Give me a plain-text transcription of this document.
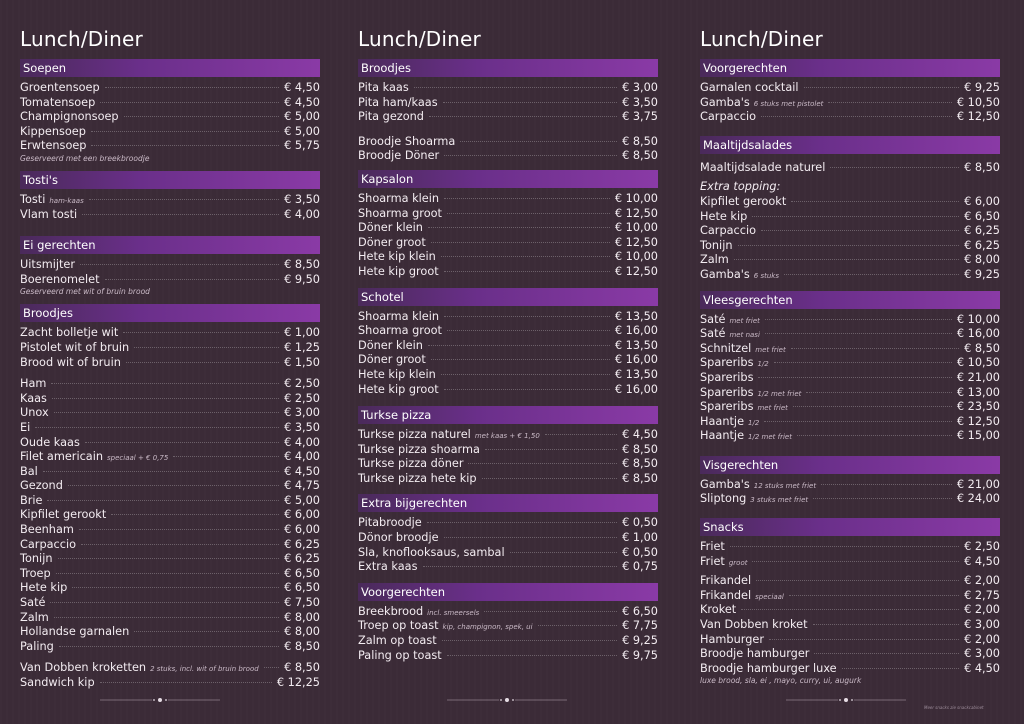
Lunch/Diner
Soepen
Groentensoep	€ 4,50
Tomatensoep	€ 4,50
Champignonsoep	€ 5,00
Kippensoep	€ 5,00
Erwtensoep	€ 5,75
Geserveerd met een breekbroodje
Tosti's
Tosti ham-kaas	€ 3,50
Vlam tosti	€ 4,00
Ei gerechten
Uitsmijter	€ 8,50
Boerenomelet	€ 9,50
Geserveerd met wit of bruin brood
Broodjes
Zacht bolletje wit	€ 1,00
Pistolet wit of bruin	€ 1,25
Brood wit of bruin	€ 1,50
Ham	€ 2,50
Kaas	€ 2,50
Unox	€ 3,00
Ei	€ 3,50
Oude kaas	€ 4,00
Filet americain speciaal + € 0,75	€ 4,00
Bal	€ 4,50
Gezond	€ 4,75
Brie	€ 5,00
Kipfilet gerookt	€ 6,00
Beenham	€ 6,00
Carpaccio	€ 6,25
Tonijn	€ 6,25
Troep	€ 6,50
Hete kip	€ 6,50
Saté	€ 7,50
Zalm	€ 8,00
Hollandse garnalen	€ 8,00
Paling	€ 8,50
Van Dobben kroketten 2 stuks, incl. wit of bruin brood € 8,50
Sandwich kip	€ 12,25
Lunch/Diner
Broodjes
Pita kaas	€ 3,00
Pita ham/kaas	€ 3,50
Pita gezond	€ 3,75
Broodje Shoarma	€ 8,50
Broodje Döner	€ 8,50
Kapsalon
Shoarma klein	€ 10,00
Shoarma groot	€ 12,50
Döner klein	€ 10,00
Döner groot	€ 12,50
Hete kip klein	€ 10,00
Hete kip groot	€ 12,50
Schotel
Shoarma klein	€ 13,50
Shoarma groot	€ 16,00
Döner klein	€ 13,50
Döner groot	€ 16,00
Hete kip klein	€ 13,50
Hete kip groot	€ 16,00
Turkse pizza
Turkse pizza naturel met kaas + € 1,50	€ 4,50
Turkse pizza shoarma	€ 8,50
Turkse pizza döner	€ 8,50
Turkse pizza hete kip	€ 8,50
Extra bijgerechten
Pitabroodje	€ 0,50
Dönor broodje	€ 1,00
Sla, knoflooksaus, sambal	€ 0,50
Extra kaas	€ 0,75
Voorgerechten
Breekbrood incl. smeersels	€ 6,50
Troep op toast kip, champignon, spek, ui	€ 7,75
Zalm op toast	€ 9,25
Paling op toast	€ 9,75
Lunch/Diner
Voorgerechten
Garnalen cocktail	€ 9,25
Gamba's 6 stuks met pistolet	€ 10,50
Carpaccio	€ 12,50
Maaltijdsalades
Maaltijdsalade naturel	€ 8,50
Extra topping:
Kipfilet gerookt	€ 6,00
Hete kip	€ 6,50
Carpaccio	€ 6,25
Tonijn	€ 6,25
Zalm	€ 8,00
Gamba's 6 stuks	€ 9,25
Vleesgerechten
Saté met friet	€ 10,00
Saté met nasi	€ 16,00
Schnitzel met friet	€ 8,50
Spareribs 1/2	€ 10,50
Spareribs	€ 21,00
Spareribs 1/2 met friet	€ 13,00
Spareribs met friet	€ 23,50
Haantje 1/2	€ 12,50
Haantje 1/2 met friet	€ 15,00
Visgerechten
Gamba's 12 stuks met friet	€ 21,00
Sliptong 3 stuks met friet	€ 24,00
Snacks
Friet	€ 2,50
Friet groot	€ 4,50
Frikandel	€ 2,00
Frikandel speciaal	€ 2,75
Kroket	€ 2,00
Van Dobben kroket	€ 3,00
Hamburger	€ 2,00
Broodje hamburger	€ 3,00
Broodje hamburger luxe	€ 4,50
luxe brood, sla, ei , mayo, curry, ui, augurk
Meer snacks zie snackcabinet
